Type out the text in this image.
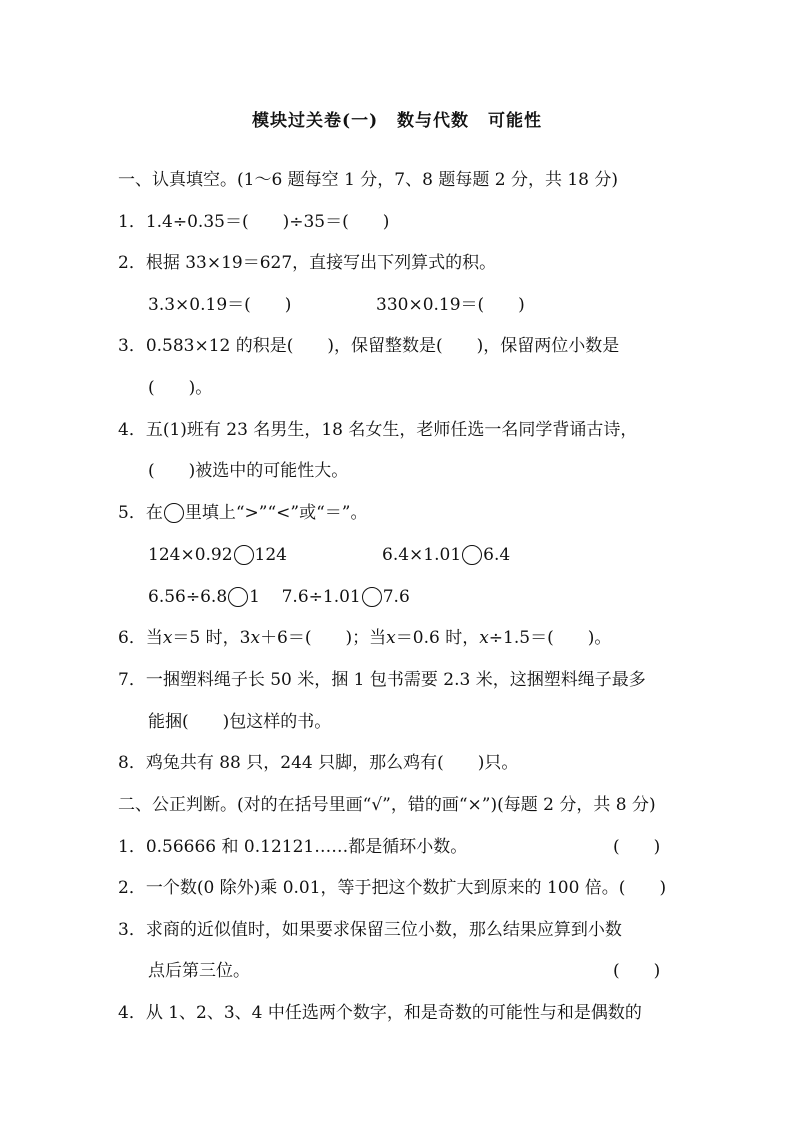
模块过关卷(一) 数与代数 可能性
一、认真填空。(1～6 题每空 1 分，7、8 题每题 2 分，共 18 分)
1．1.4÷0.35＝(　　)÷35＝(　　)
2．根据 33×19＝627，直接写出下列算式的积。
3.3×0.19＝(　　)	330×0.19＝(　　)
3．0.583×12 的积是(　　)，保留整数是(　　)，保留两位小数是
(　　)。
4．五(1)班有 23 名男生，18 名女生，老师任选一名同学背诵古诗，
(　　)被选中的可能性大。
5．在 里填上“>”“<”或“＝”。
124×0.92 124	6.4×1.01 6.4
6.56÷6.8 1 7.6÷1.01 7.6
6．当x＝5 时，3x＋6＝(　　)；当x＝0.6 时，x÷1.5＝(　　)。
7．一捆塑料绳子长 50 米，捆 1 包书需要 2.3 米，这捆塑料绳子最多
能捆(　　)包这样的书。
8．鸡兔共有 88 只，244 只脚，那么鸡有(　　)只。
二、公正判断。(对的在括号里画“√”，错的画“×”)(每题 2 分，共 8 分)
1．0.56666 和 0.12121……都是循环小数。	(　　)
2．一个数(0 除外)乘 0.01，等于把这个数扩大到原来的 100 倍。(　　)
3．求商的近似值时，如果要求保留三位小数，那么结果应算到小数
点后第三位。	(　　)
4．从 1、2、3、4 中任选两个数字，和是奇数的可能性与和是偶数的
